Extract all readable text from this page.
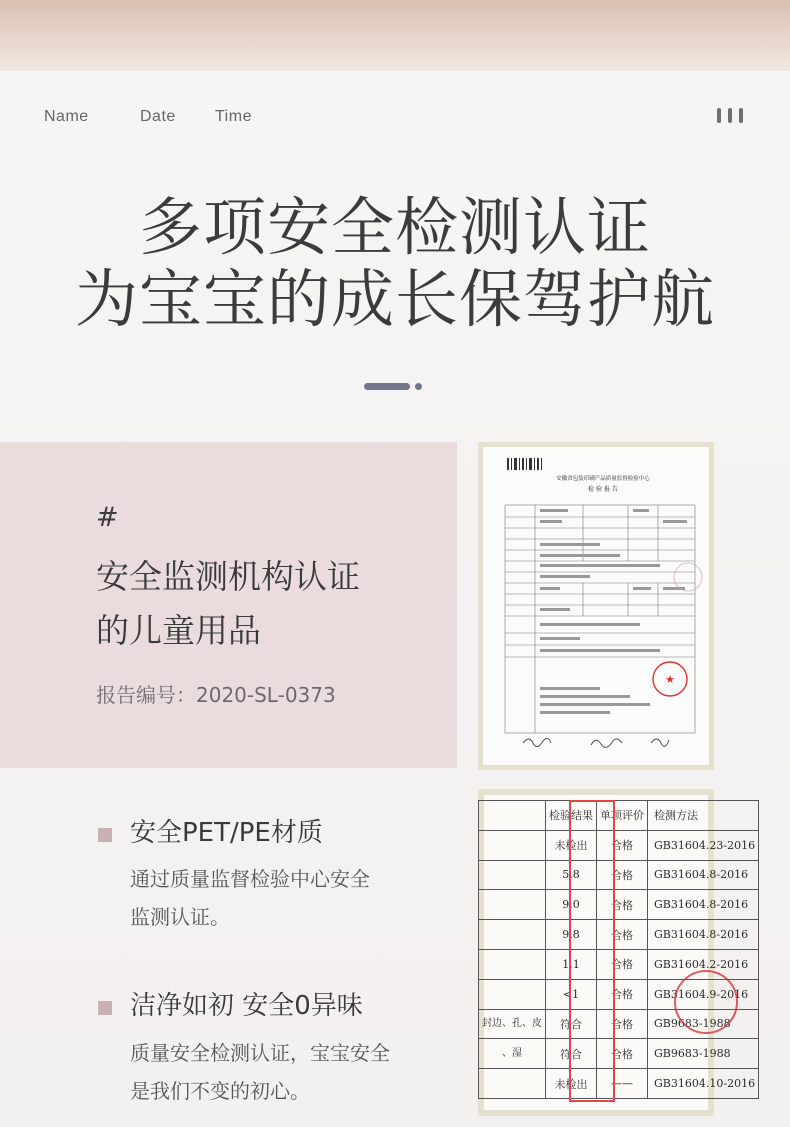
Name	Date Time
多项安全检测认证
为宝宝的成长保驾护航
#
安全监测机构认证
的儿童用品
报告编号：2020-SL-0373
安徽省包装印刷产品质量监督检验中心
检 验 报 告
★
安全PET/PE材质
通过质量监督检验中心安全
监测认证。
洁净如初 安全0异味
质量安全检测认证，宝宝安全
是我们不变的初心。
	检验结果	单项评价	检测方法
	未检出	合格	GB31604.23-2016
	5.8	合格	GB31604.8-2016
	9.0	合格	GB31604.8-2016
	9.8	合格	GB31604.8-2016
	1.1	合格	GB31604.2-2016
	<1	合格	GB31604.9-2016
封边、孔、皮	符合	合格	GB9683-1988
、湿	符合	合格	GB9683-1988
	未检出	——	GB31604.10-2016
